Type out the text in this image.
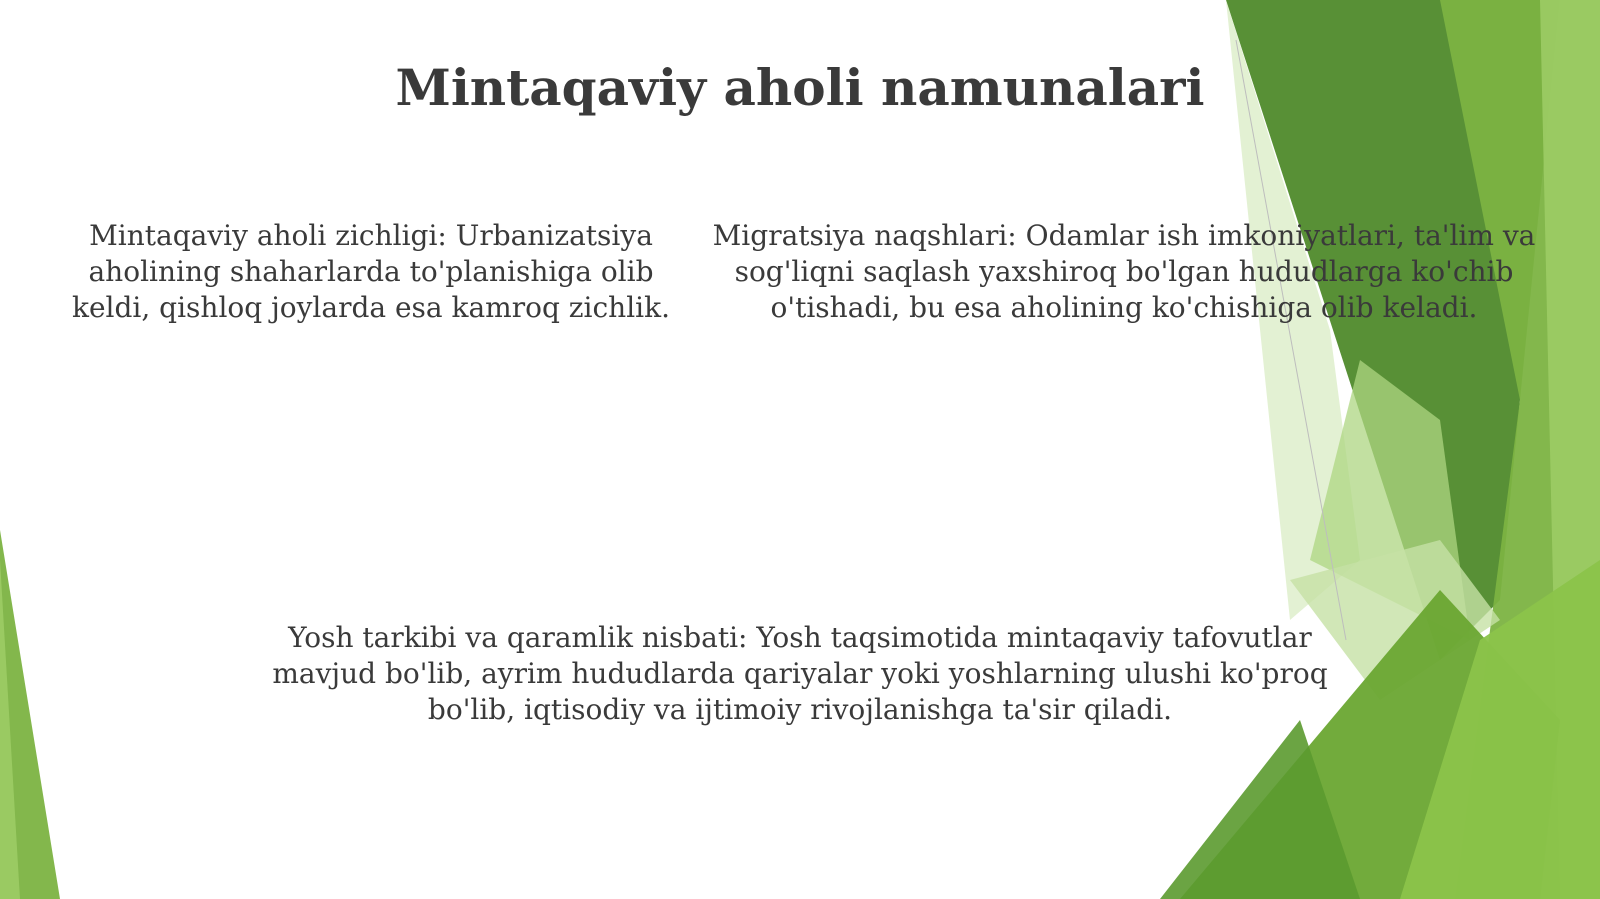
Mintaqaviy aholi namunalari

Mintaqaviy aholi zichligi: Urbanizatsiya aholining shaharlarda to'planishiga olib keldi, qishloq joylarda esa kamroq zichlik.

Migratsiya naqshlari: Odamlar ish imkoniyatlari, ta'lim va sog'liqni saqlash yaxshiroq bo'lgan hududlarga ko'chib o'tishadi, bu esa aholining ko'chishiga olib keladi.

Yosh tarkibi va qaramlik nisbati: Yosh taqsimotida mintaqaviy tafovutlar mavjud bo'lib, ayrim hududlarda qariyalar yoki yoshlarning ulushi ko'proq bo'lib, iqtisodiy va ijtimoiy rivojlanishga ta'sir qiladi.
